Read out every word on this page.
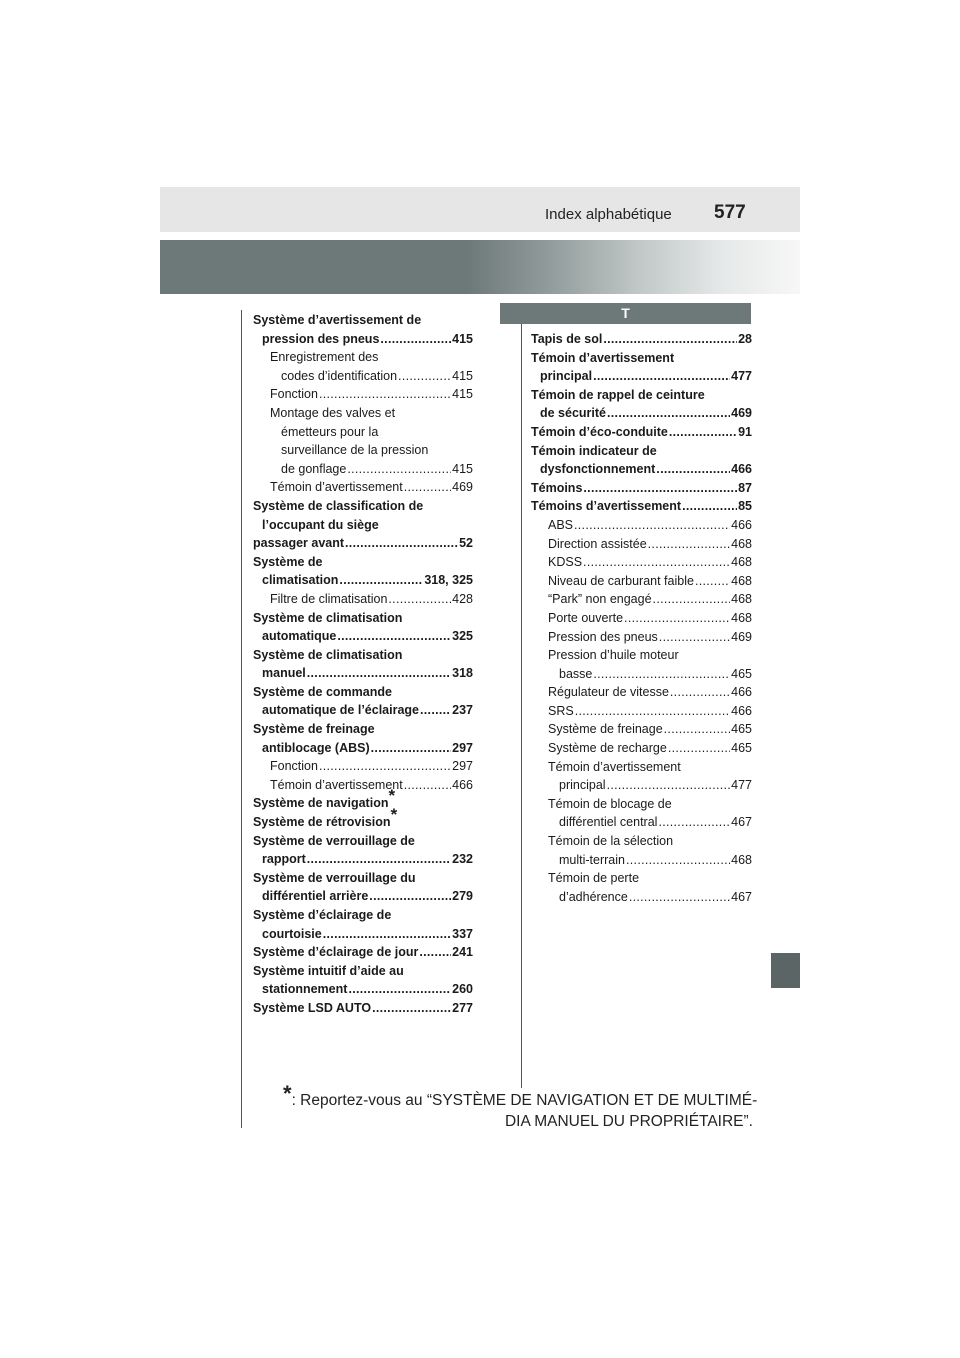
Index alphabétique 577
T
Système d’avertissement de
pression des pneus .....	415
Enregistrement des
codes d’identification .....	415
Fonction .....	415
Montage des valves et
émetteurs pour la
surveillance de la pression
de gonflage .....	415
Témoin d’avertissement .....	469
Système de classification de
l’occupant du siège
passager avant .....	52
Système de
climatisation .....	318, 325
Filtre de climatisation .....	428
Système de climatisation
automatique .....	325
Système de climatisation
manuel .....	318
Système de commande
automatique de l’éclairage .....	237
Système de freinage
antiblocage (ABS) .....	297
Fonction .....	297
Témoin d’avertissement .....	466
Système de navigation*
Système de rétrovision*
Système de verrouillage de
rapport .....	232
Système de verrouillage du
différentiel arrière .....	279
Système d’éclairage de
courtoisie .....	337
Système d’éclairage de jour .....	241
Système intuitif d’aide au
stationnement .....	260
Système LSD AUTO .....	277
Tapis de sol .....	28
Témoin d’avertissement
principal .....	477
Témoin de rappel de ceinture
de sécurité .....	469
Témoin d’éco-conduite .....	91
Témoin indicateur de
dysfonctionnement .....	466
Témoins .....	87
Témoins d’avertissement .....	85
ABS .....	466
Direction assistée .....	468
KDSS .....	468
Niveau de carburant faible .....	468
“Park” non engagé .....	468
Porte ouverte .....	468
Pression des pneus .....	469
Pression d’huile moteur
basse .....	465
Régulateur de vitesse .....	466
SRS .....	466
Système de freinage .....	465
Système de recharge .....	465
Témoin d’avertissement
principal .....	477
Témoin de blocage de
différentiel central .....	467
Témoin de la sélection
multi-terrain .....	468
Témoin de perte
d’adhérence .....	467
*: Reportez-vous au “SYSTÈME DE NAVIGATION ET DE MULTIMÉ-
DIA MANUEL DU PROPRIÉTAIRE”.
